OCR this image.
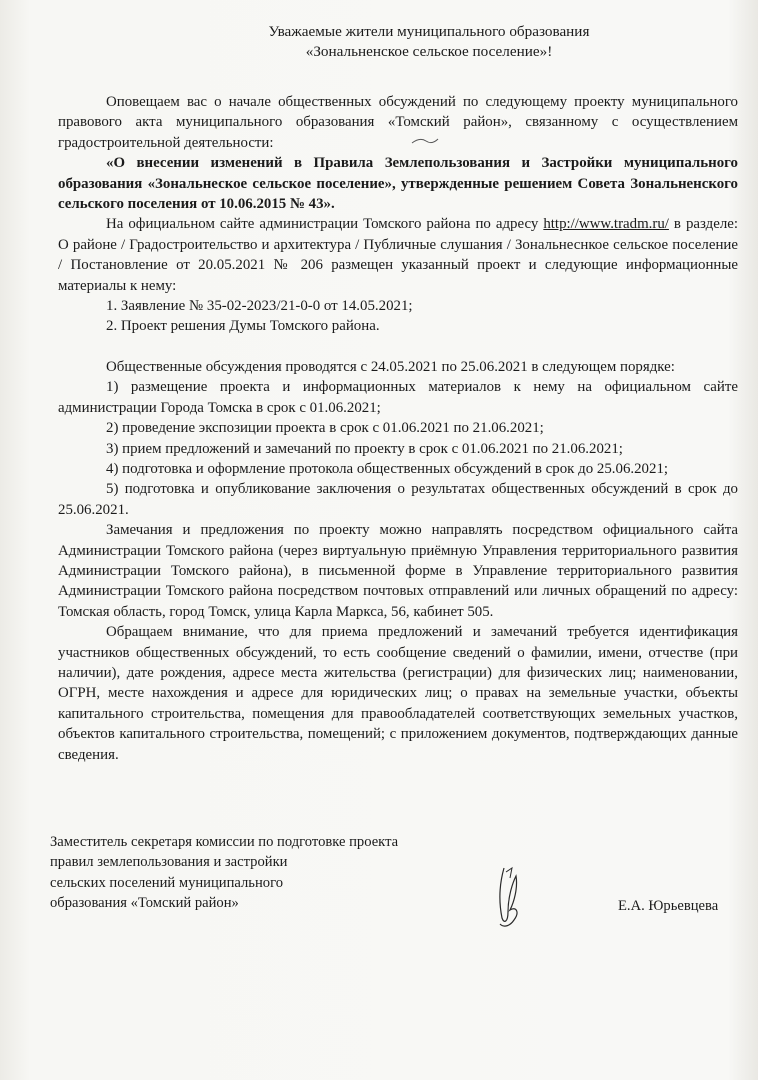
Уважаемые жители муниципального образования
«Зональненское сельское поселение»!

Оповещаем вас о начале общественных обсуждений по следующему проекту муниципального правового акта муниципального образования «Томский район», связанному с осуществлением градостроительной деятельности:

«О внесении изменений в Правила Землепользования и Застройки муниципального образования «Зональнеское сельское поселение», утвержденные решением Совета Зональненского сельского поселения от 10.06.2015 № 43».

На официальном сайте администрации Томского района по адресу http://www.tradm.ru/ в разделе: О районе / Градостроительство и архитектура / Публичные слушания / Зональнеснкое сельское поселение / Постановление от 20.05.2021 № 206 размещен указанный проект и следующие информационные материалы к нему:

1. Заявление № 35-02-2023/21-0-0 от 14.05.2021;
2. Проект решения Думы Томского района.

Общественные обсуждения проводятся с 24.05.2021 по 25.06.2021 в следующем порядке:

1) размещение проекта и информационных материалов к нему на официальном сайте администрации Города Томска в срок с 01.06.2021;

2) проведение экспозиции проекта в срок с 01.06.2021 по 21.06.2021;

3) прием предложений и замечаний по проекту в срок с 01.06.2021 по 21.06.2021;

4) подготовка и оформление протокола общественных обсуждений в срок до 25.06.2021;

5) подготовка и опубликование заключения о результатах общественных обсуждений в срок до 25.06.2021.

Замечания и предложения по проекту можно направлять посредством официального сайта Администрации Томского района (через виртуальную приёмную Управления территориального развития Администрации Томского района), в письменной форме в Управление территориального развития Администрации Томского района посредством почтовых отправлений или личных обращений по адресу: Томская область, город Томск, улица Карла Маркса, 56, кабинет 505.

Обращаем внимание, что для приема предложений и замечаний требуется идентификация участников общественных обсуждений, то есть сообщение сведений о фамилии, имени, отчестве (при наличии), дате рождения, адресе места жительства (регистрации) для физических лиц; наименовании, ОГРН, месте нахождения и адресе для юридических лиц; о правах на земельные участки, объекты капитального строительства, помещения для правообладателей соответствующих земельных участков, объектов капитального строительства, помещений; с приложением документов, подтверждающих данные сведения.

Заместитель секретаря комиссии по подготовке проекта
правил землепользования и застройки
сельских поселений муниципального
образования «Томский район»	Е.А. Юрьевцева
